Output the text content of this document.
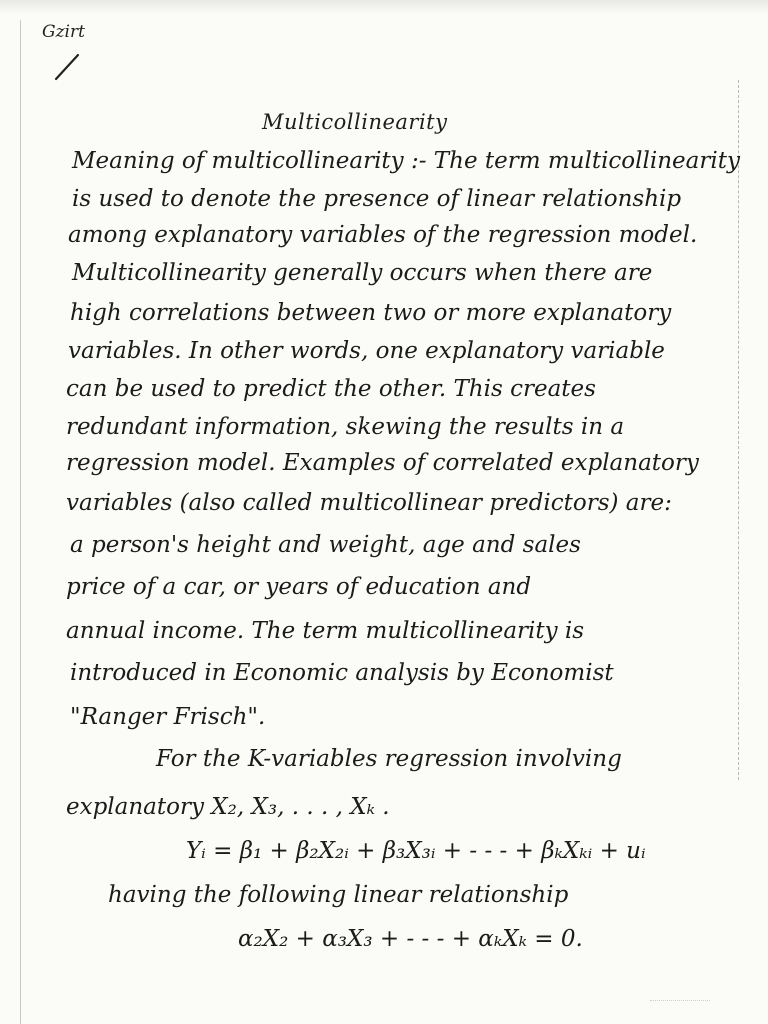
Gzirt
Multicollinearity
Meaning of multicollinearity :- The term multicollinearity
is used to denote the presence of linear relationship
among explanatory variables of the regression model.
Multicollinearity generally occurs when there are
high correlations between two or more explanatory
variables. In other words, one explanatory variable
can be used to predict the other. This creates
redundant information, skewing the results in a
regression model. Examples of correlated explanatory
variables (also called multicollinear predictors) are:
a person's height and weight, age and sales
price of a car, or years of education and
annual income. The term multicollinearity is
introduced in Economic analysis by Economist
"Ranger Frisch".
For the K-variables regression involving
explanatory X₂, X₃, . . . , Xₖ .
Yᵢ = β₁ + β₂X₂ᵢ + β₃X₃ᵢ + - - - + βₖXₖᵢ + uᵢ
having the following linear relationship
α₂X₂ + α₃X₃ + - - - + αₖXₖ = 0.
